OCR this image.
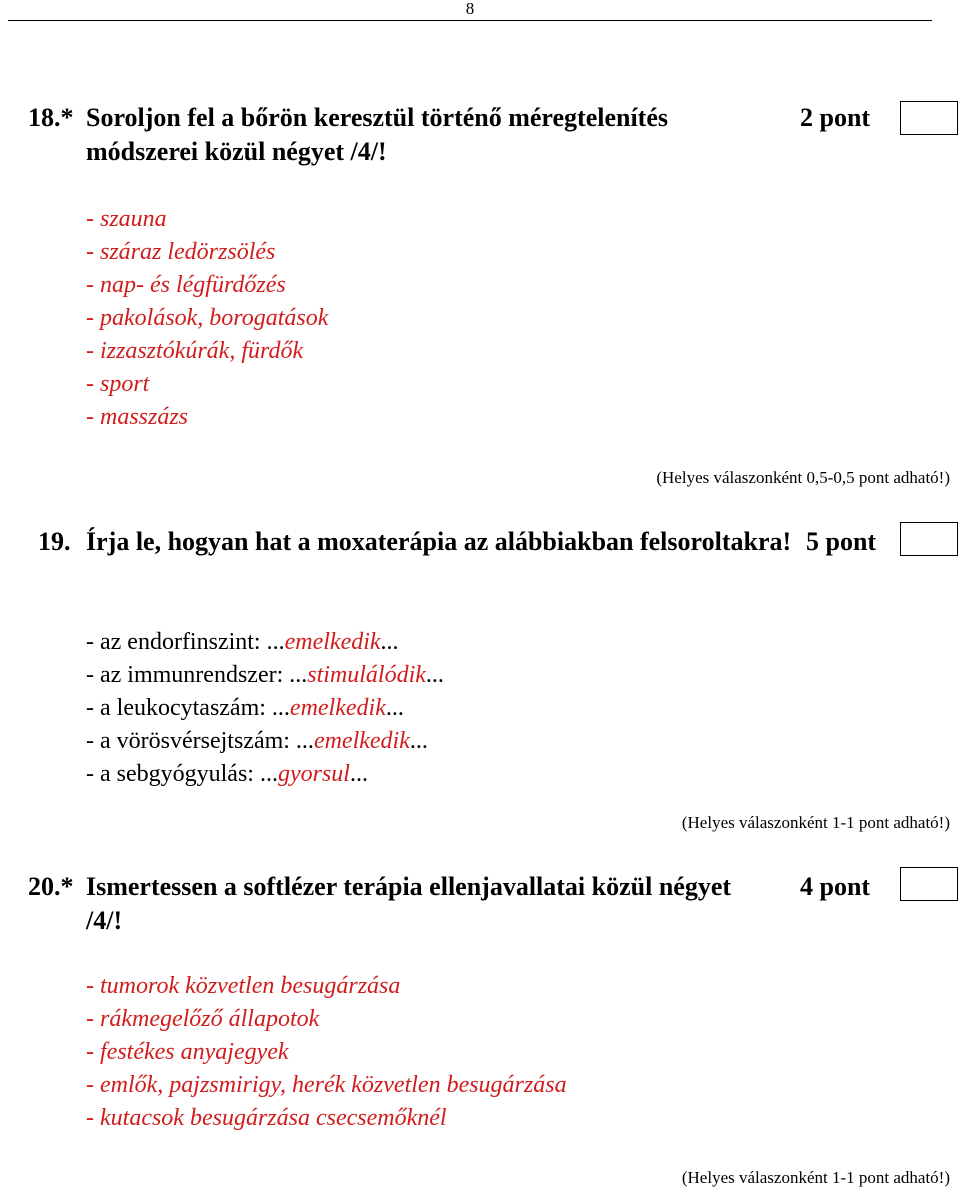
8
18.* Soroljon fel a bőrön keresztül történő méregtelenítés módszerei közül négyet /4/!
2 pont
- szauna
- száraz ledörzsölés
- nap- és légfürdőzés
- pakolások, borogatások
- izzasztókúrák, fürdők
- sport
- masszázs
(Helyes válaszonként 0,5-0,5 pont adható!)
19. Írja le, hogyan hat a moxaterápia az alábbiakban felsoroltakra! 5 pont
- az endorfinszint: ...emelkedik...
- az immunrendszer: ...stimulálódik...
- a leukocytaszám: ...emelkedik...
- a vörösvérsejtszám: ...emelkedik...
- a sebgyógyulás: ...gyorsul...
(Helyes válaszonként 1-1 pont adható!)
20.* Ismertessen a softlézer terápia ellenjavallatai közül négyet /4/!
4 pont
- tumorok közvetlen besugárzása
- rákmegelőző állapotok
- festékes anyajegyek
- emlők, pajzsmirigy, herék közvetlen besugárzása
- kutacsok besugárzása csecsemőknél
(Helyes válaszonként 1-1 pont adható!)
